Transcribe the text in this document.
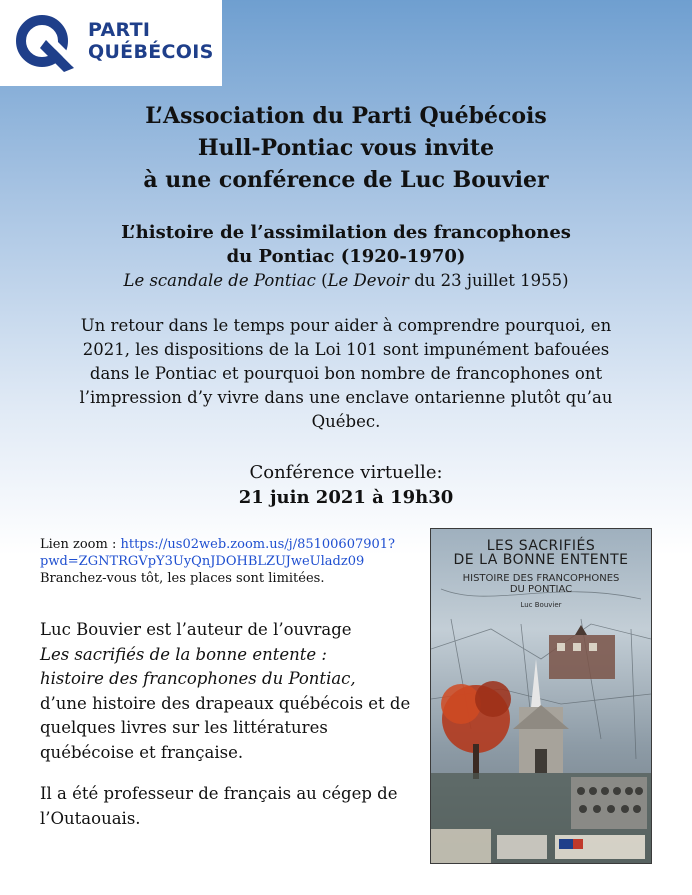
PARTI
QUÉBÉCOIS
L’Association du Parti Québécois
Hull-Pontiac vous invite
à une conférence de Luc Bouvier
L’histoire de l’assimilation des francophones
du Pontiac (1920-1970)
Le scandale de Pontiac (Le Devoir du 23 juillet 1955)
Un retour dans le temps pour aider à comprendre pourquoi, en 2021, les dispositions de la Loi 101 sont impunément bafouées dans le Pontiac et pourquoi bon nombre de francophones ont l’impression d’y vivre dans une enclave ontarienne plutôt qu’au Québec.
Conférence virtuelle:
21 juin 2021 à 19h30
Lien zoom : https://us02web.zoom.us/j/85100607901?
pwd=ZGNTRGVpY3UyQnJDOHBLZUJweUladz09
Branchez-vous tôt, les places sont limitées.
Luc Bouvier est l’auteur de l’ouvrage
Les sacrifiés de la bonne entente :
histoire des francophones du Pontiac,
d’une histoire des drapeaux québécois et de
quelques livres sur les littératures
québécoise et française.
Il a été professeur de français au cégep de
l’Outaouais.
LES SACRIFIÉS
DE LA BONNE ENTENTE
HISTOIRE DES FRANCOPHONES
DU PONTIAC
Luc Bouvier
